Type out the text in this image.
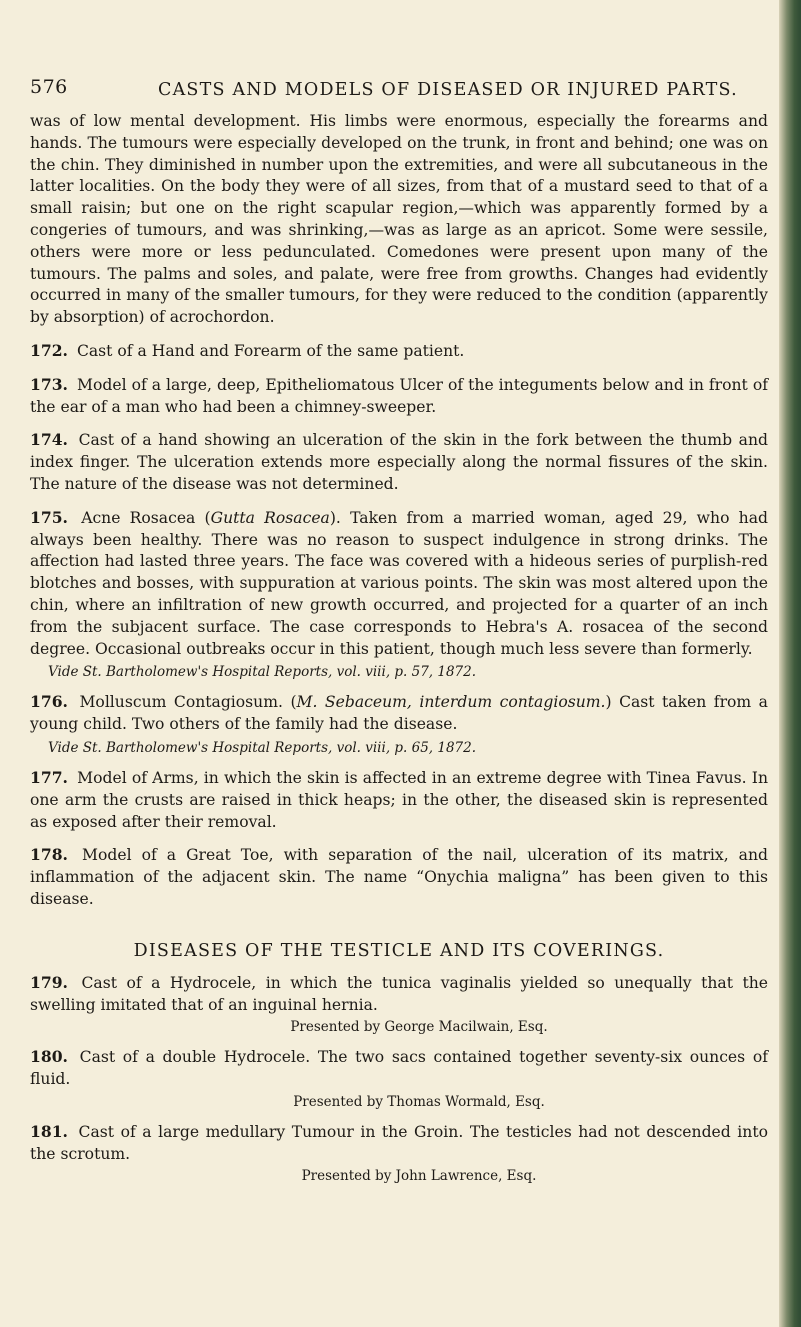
576	CASTS AND MODELS OF DISEASED OR INJURED PARTS.

was of low mental development. His limbs were enormous, especially the forearms and hands. The tumours were especially developed on the trunk, in front and behind; one was on the chin. They diminished in number upon the extremities, and were all subcutaneous in the latter localities. On the body they were of all sizes, from that of a mustard seed to that of a small raisin; but one on the right scapular region,—which was apparently formed by a congeries of tumours, and was shrinking,—was as large as an apricot. Some were sessile, others were more or less pedunculated. Comedones were present upon many of the tumours. The palms and soles, and palate, were free from growths. Changes had evidently occurred in many of the smaller tumours, for they were reduced to the condition (apparently by absorption) of acrochordon.

172. Cast of a Hand and Forearm of the same patient.

173. Model of a large, deep, Epitheliomatous Ulcer of the integuments below and in front of the ear of a man who had been a chimney-sweeper.

174. Cast of a hand showing an ulceration of the skin in the fork between the thumb and index finger. The ulceration extends more especially along the normal fissures of the skin. The nature of the disease was not determined.

175. Acne Rosacea (Gutta Rosacea). Taken from a married woman, aged 29, who had always been healthy. There was no reason to suspect indulgence in strong drinks. The affection had lasted three years. The face was covered with a hideous series of purplish-red blotches and bosses, with suppuration at various points. The skin was most altered upon the chin, where an infiltration of new growth occurred, and projected for a quarter of an inch from the subjacent surface. The case corresponds to Hebra's A. rosacea of the second degree. Occasional outbreaks occur in this patient, though much less severe than formerly.

Vide St. Bartholomew's Hospital Reports, vol. viii, p. 57, 1872.

176. Molluscum Contagiosum. (M. Sebaceum, interdum contagiosum.) Cast taken from a young child. Two others of the family had the disease.

Vide St. Bartholomew's Hospital Reports, vol. viii, p. 65, 1872.

177. Model of Arms, in which the skin is affected in an extreme degree with Tinea Favus. In one arm the crusts are raised in thick heaps; in the other, the diseased skin is represented as exposed after their removal.

178. Model of a Great Toe, with separation of the nail, ulceration of its matrix, and inflammation of the adjacent skin. The name “Onychia maligna” has been given to this disease.

DISEASES OF THE TESTICLE AND ITS COVERINGS.

179. Cast of a Hydrocele, in which the tunica vaginalis yielded so unequally that the swelling imitated that of an inguinal hernia.

Presented by George Macilwain, Esq.

180. Cast of a double Hydrocele. The two sacs contained together seventy-six ounces of fluid.

Presented by Thomas Wormald, Esq.

181. Cast of a large medullary Tumour in the Groin. The testicles had not descended into the scrotum.

Presented by John Lawrence, Esq.
